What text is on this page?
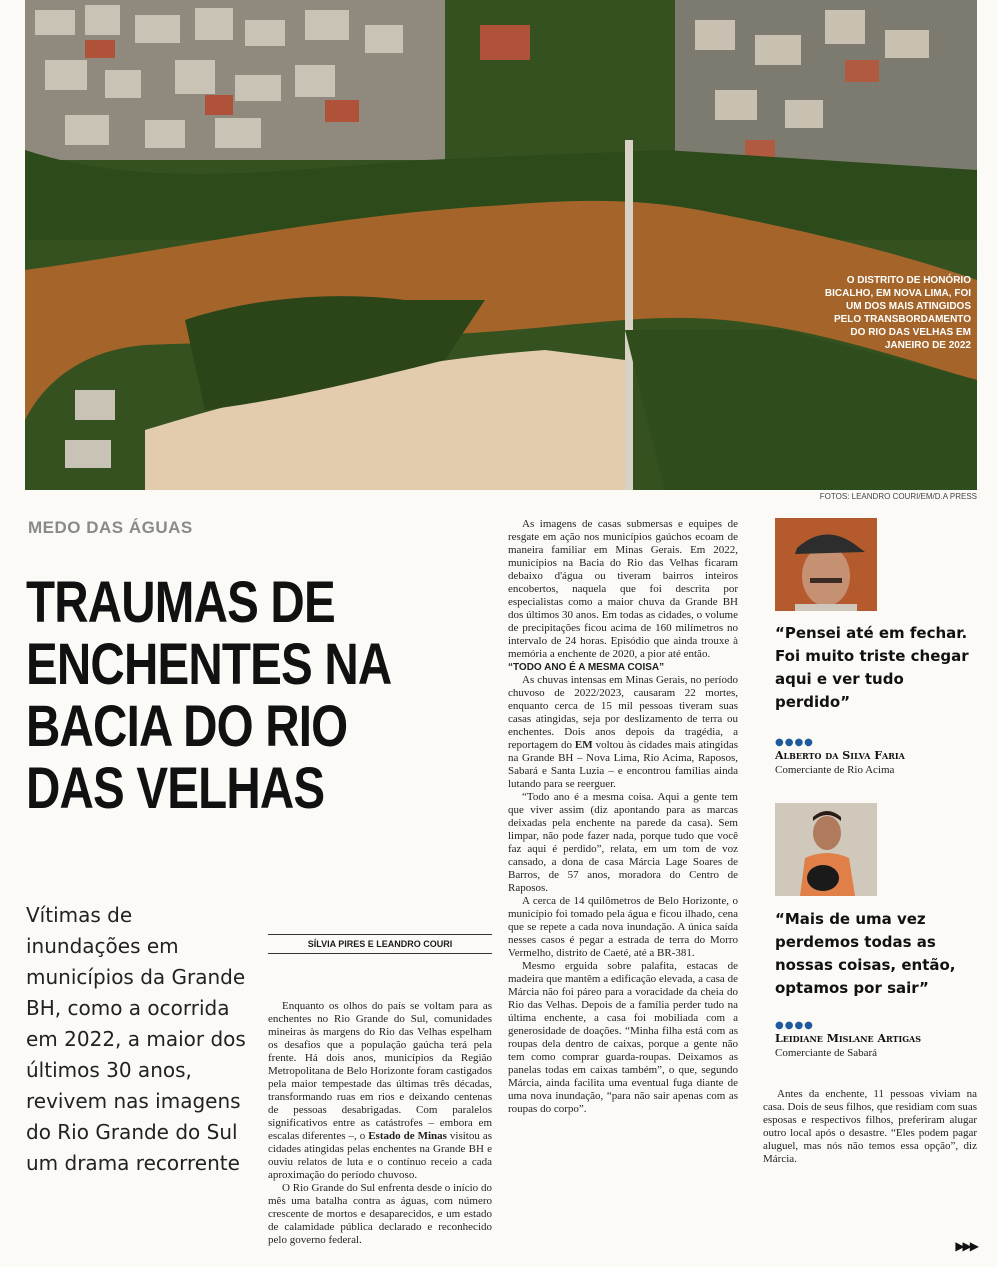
O DISTRITO DE HONÓRIO BICALHO, EM NOVA LIMA, FOI UM DOS MAIS ATINGIDOS PELO TRANSBORDAMENTO DO RIO DAS VELHAS EM JANEIRO DE 2022
FOTOS: LEANDRO COURI/EM/D.A PRESS
MEDO DAS ÁGUAS
TRAUMAS DE
ENCHENTES NA
BACIA DO RIO
DAS VELHAS
Vítimas de inundações em municípios da Grande BH, como a ocorrida em 2022, a maior dos últimos 30 anos, revivem nas imagens do Rio Grande do Sul um drama recorrente
SÍLVIA PIRES E LEANDRO COURI

Enquanto os olhos do país se voltam para as enchentes no Rio Grande do Sul, comunidades mineiras às margens do Rio das Velhas espelham os desafios que a população gaúcha terá pela frente. Há dois anos, municípios da Região Metropolitana de Belo Horizonte foram castigados pela maior tempestade das últimas três décadas, transformando ruas em rios e deixando centenas de pessoas desabrigadas. Com paralelos significativos entre as catástrofes – embora em escalas diferentes –, o Estado de Minas visitou as cidades atingidas pelas enchentes na Grande BH e ouviu relatos de luta e o contínuo receio a cada aproximação do período chuvoso.

O Rio Grande do Sul enfrenta desde o início do mês uma batalha contra as águas, com número crescente de mortos e desaparecidos, e um estado de calamidade pública declarado e reconhecido pelo governo federal.

As imagens de casas submersas e equipes de resgate em ação nos municípios gaúchos ecoam de maneira familiar em Minas Gerais. Em 2022, municípios na Bacia do Rio das Velhas ficaram debaixo d'água ou tiveram bairros inteiros encobertos, naquela que foi descrita por especialistas como a maior chuva da Grande BH dos últimos 30 anos. Em todas as cidades, o volume de precipitações ficou acima de 160 milímetros no intervalo de 24 horas. Episódio que ainda trouxe à memória a enchente de 2020, a pior até então.

“TODO ANO É A MESMA COISA”

As chuvas intensas em Minas Gerais, no período chuvoso de 2022/2023, causaram 22 mortes, enquanto cerca de 15 mil pessoas tiveram suas casas atingidas, seja por deslizamento de terra ou enchentes. Dois anos depois da tragédia, a reportagem do EM voltou às cidades mais atingidas na Grande BH – Nova Lima, Rio Acima, Raposos, Sabará e Santa Luzia – e encontrou famílias ainda lutando para se reerguer.

“Todo ano é a mesma coisa. Aqui a gente tem que viver assim (diz apontando para as marcas deixadas pela enchente na parede da casa). Sem limpar, não pode fazer nada, porque tudo que você faz aqui é perdido”, relata, em um tom de voz cansado, a dona de casa Márcia Lage Soares de Barros, de 57 anos, moradora do Centro de Raposos.

A cerca de 14 quilômetros de Belo Horizonte, o município foi tomado pela água e ficou ilhado, cena que se repete a cada nova inundação. A única saída nesses casos é pegar a estrada de terra do Morro Vermelho, distrito de Caeté, até a BR-381.

Mesmo erguida sobre palafita, estacas de madeira que mantêm a edificação elevada, a casa de Márcia não foi páreo para a voracidade da cheia do Rio das Velhas. Depois de a família perder tudo na última enchente, a casa foi mobiliada com a generosidade de doações. “Minha filha está com as roupas dela dentro de caixas, porque a gente não tem como comprar guarda-roupas. Deixamos as panelas todas em caixas também”, o que, segundo Márcia, ainda facilita uma eventual fuga diante de uma nova inundação, “para não sair apenas com as roupas do corpo”.

Antes da enchente, 11 pessoas viviam na casa. Dois de seus filhos, que residiam com suas esposas e respectivos filhos, preferiram alugar outro local após o desastre. “Eles podem pagar aluguel, mas nós não temos essa opção”, diz Márcia.

“Pensei até em fechar. Foi muito triste chegar aqui e ver tudo perdido”
●●●●
Alberto da Silva Faria
Comerciante de Rio Acima
“Mais de uma vez perdemos todas as nossas coisas, então, optamos por sair”
●●●●
Leidiane Mislane Artigas
Comerciante de Sabará
▶▶▶
